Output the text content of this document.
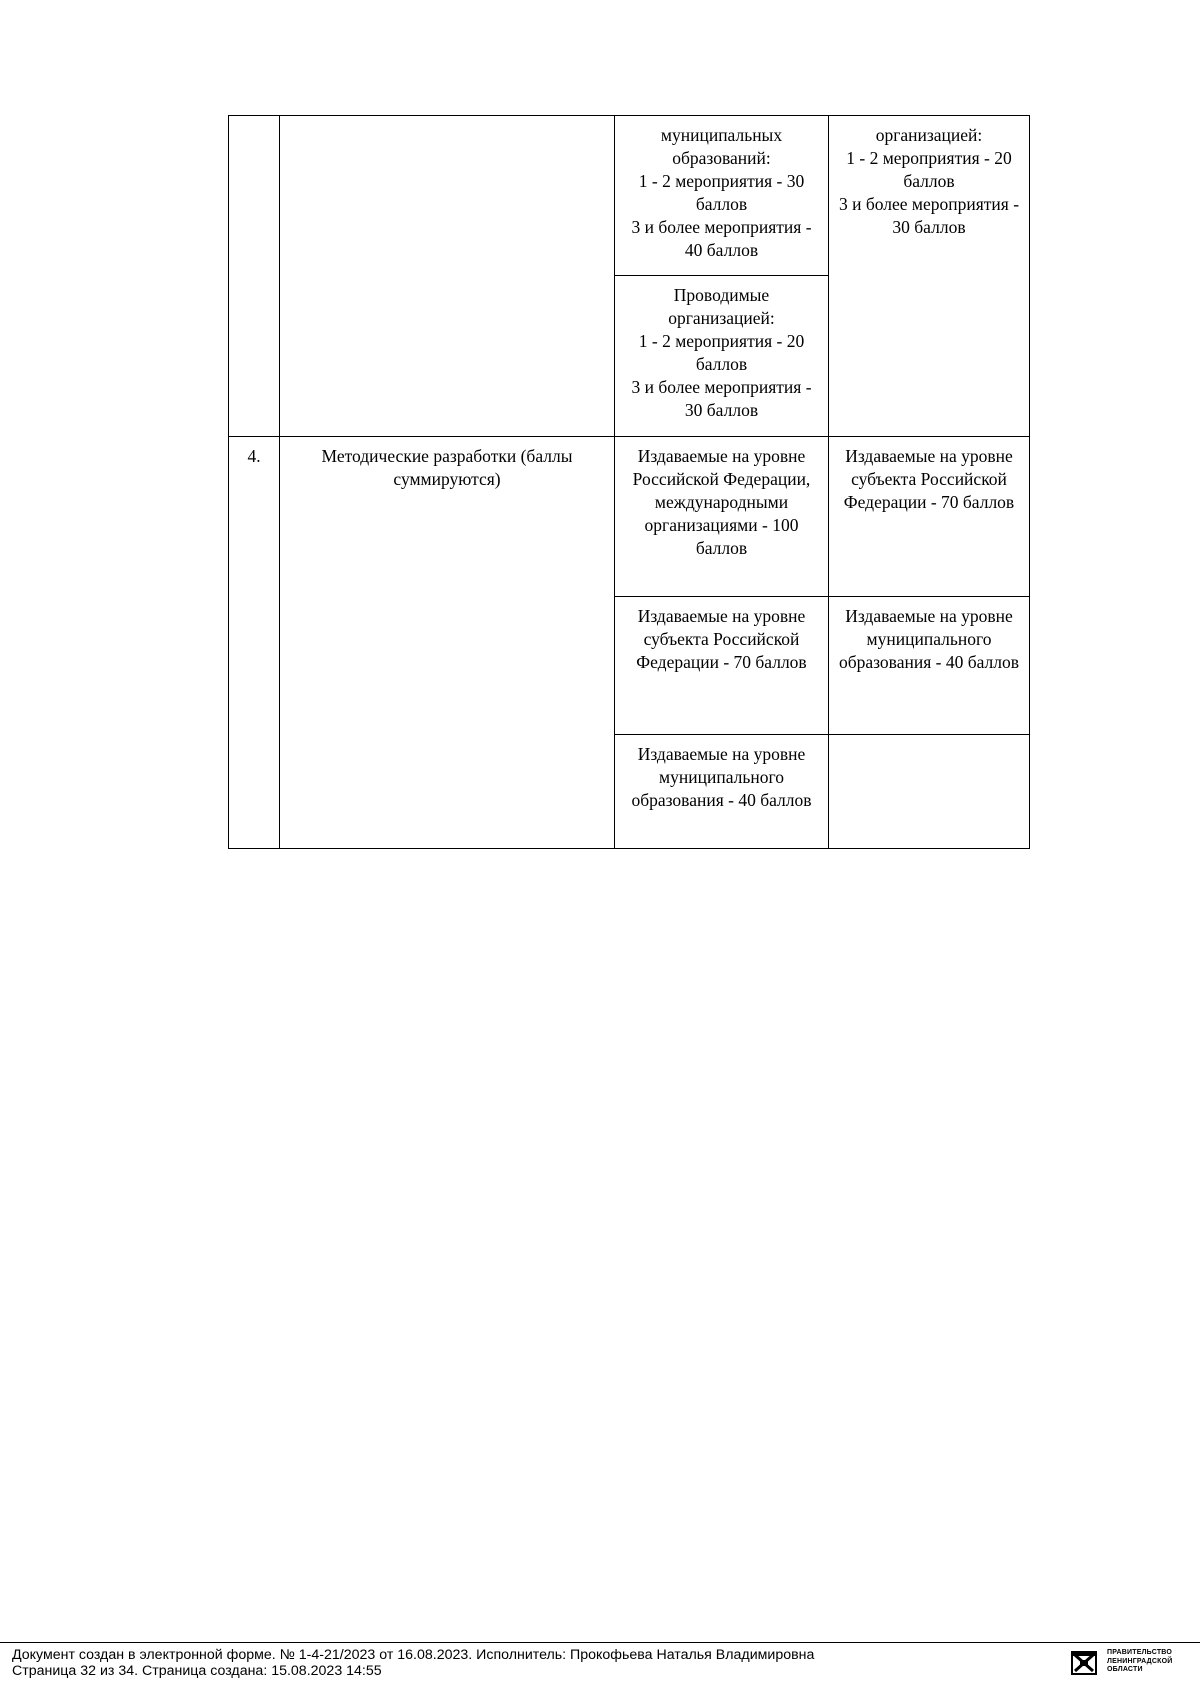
		муниципальных образований:
1 - 2 мероприятия - 30 баллов
3 и более мероприятия - 40 баллов	организацией:
1 - 2 мероприятия - 20 баллов
3 и более мероприятия - 30 баллов
		Проводимые организацией:
1 - 2 мероприятия - 20 баллов
3 и более мероприятия - 30 баллов	
4.	Методические разработки (баллы суммируются)	Издаваемые на уровне Российской Федерации, международными организациями - 100 баллов	Издаваемые на уровне субъекта Российской Федерации - 70 баллов
		Издаваемые на уровне субъекта Российской Федерации - 70 баллов	Издаваемые на уровне муниципального образования - 40 баллов
		Издаваемые на уровне муниципального образования - 40 баллов	
Документ создан в электронной форме. № 1-4-21/2023 от 16.08.2023. Исполнитель: Прокофьева Наталья Владимировна
Страница 32 из 34. Страница создана: 15.08.2023 14:55
ПРАВИТЕЛЬСТВО
ЛЕНИНГРАДСКОЙ
ОБЛАСТИ
